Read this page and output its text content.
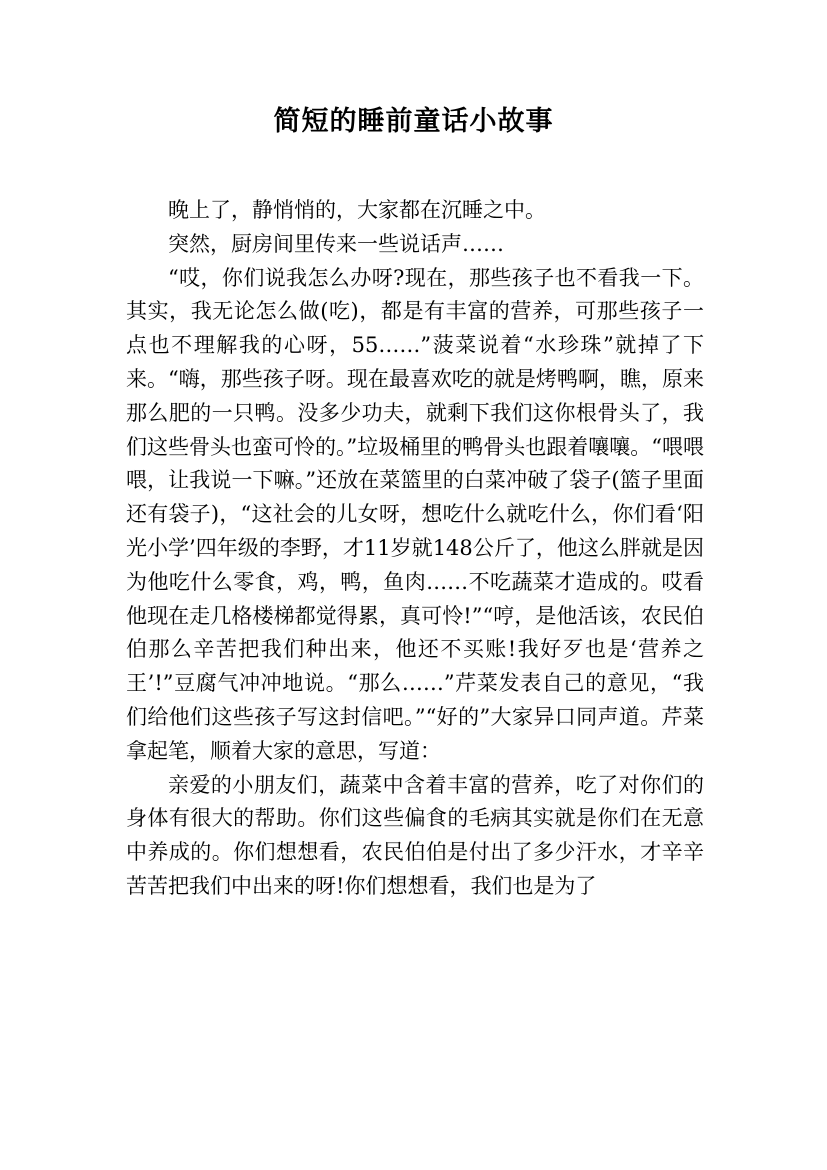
简短的睡前童话小故事

晚上了，静悄悄的，大家都在沉睡之中。

突然，厨房间里传来一些说话声……

“哎，你们说我怎么办呀?现在，那些孩子也不看我一下。其实，我无论怎么做(吃)，都是有丰富的营养，可那些孩子一点也不理解我的心呀，55……”菠菜说着“水珍珠”就掉了下来。“嗨，那些孩子呀。现在最喜欢吃的就是烤鸭啊，瞧，原来那么肥的一只鸭。没多少功夫，就剩下我们这你根骨头了，我们这些骨头也蛮可怜的。”垃圾桶里的鸭骨头也跟着嚷嚷。“喂喂喂，让我说一下嘛。”还放在菜篮里的白菜冲破了袋子(篮子里面还有袋子)，“这社会的儿女呀，想吃什么就吃什么，你们看‘阳光小学’四年级的李野，才11岁就148公斤了，他这么胖就是因为他吃什么零食，鸡，鸭，鱼肉……不吃蔬菜才造成的。哎看他现在走几格楼梯都觉得累，真可怜!”“哼，是他活该，农民伯伯那么辛苦把我们种出来，他还不买账!我好歹也是‘营养之王’!”豆腐气冲冲地说。“那么……”芹菜发表自己的意见，“我们给他们这些孩子写这封信吧。”“好的”大家异口同声道。芹菜拿起笔，顺着大家的意思，写道：

亲爱的小朋友们，蔬菜中含着丰富的营养，吃了对你们的身体有很大的帮助。你们这些偏食的毛病其实就是你们在无意中养成的。你们想想看，农民伯伯是付出了多少汗水，才辛辛苦苦把我们中出来的呀!你们想想看，我们也是为了
